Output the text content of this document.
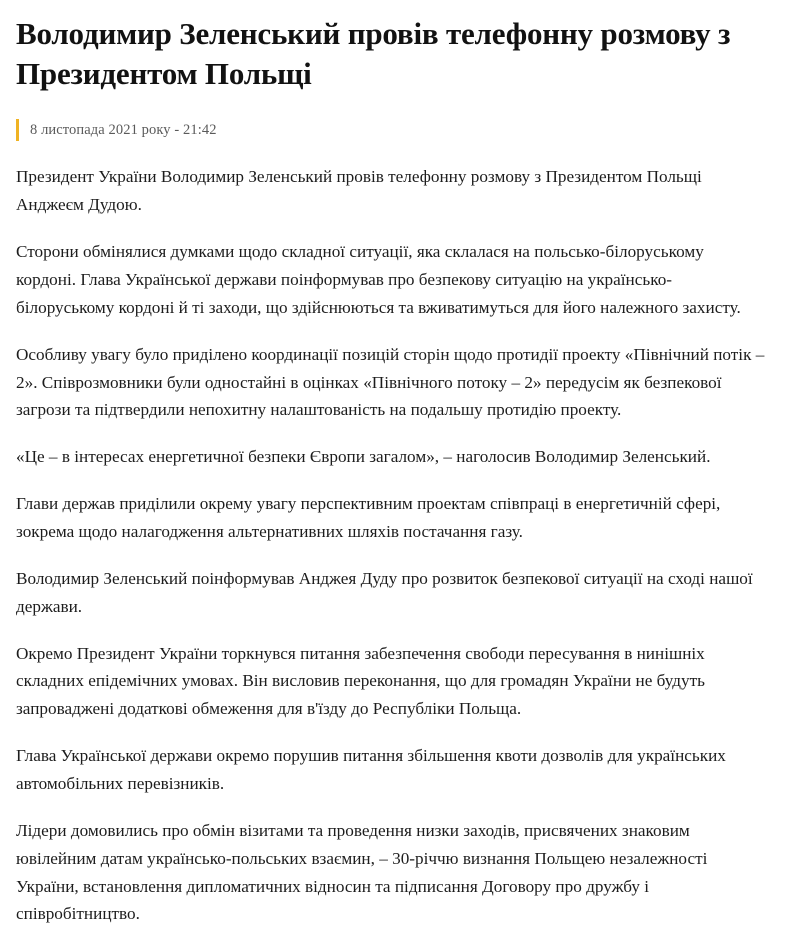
Володимир Зеленський провів телефонну розмову з Президентом Польщі
8 листопада 2021 року - 21:42

Президент України Володимир Зеленський провів телефонну розмову з Президентом Польщі Анджеєм Дудою.

Сторони обмінялися думками щодо складної ситуації, яка склалася на польсько-білоруському кордоні. Глава Української держави поінформував про безпекову ситуацію на українсько-білоруському кордоні й ті заходи, що здійснюються та вживатимуться для його належного захисту.

Особливу увагу було приділено координації позицій сторін щодо протидії проекту «Північний потік – 2». Співрозмовники були одностайні в оцінках «Північного потоку – 2» передусім як безпекової загрози та підтвердили непохитну налаштованість на подальшу протидію проекту.

«Це – в інтересах енергетичної безпеки Європи загалом», – наголосив Володимир Зеленський.

Глави держав приділили окрему увагу перспективним проектам співпраці в енергетичній сфері, зокрема щодо налагодження альтернативних шляхів постачання газу.

Володимир Зеленський поінформував Анджея Дуду про розвиток безпекової ситуації на сході нашої держави.

Окремо Президент України торкнувся питання забезпечення свободи пересування в нинішніх складних епідемічних умовах. Він висловив переконання, що для громадян України не будуть запроваджені додаткові обмеження для в'їзду до Республіки Польща.

Глава Української держави окремо порушив питання збільшення квоти дозволів для українських автомобільних перевізників.

Лідери домовились про обмін візитами та проведення низки заходів, присвячених знаковим ювілейним датам українсько-польських взаємин, – 30-річчю визнання Польщею незалежності України, встановлення дипломатичних відносин та підписання Договору про дружбу і співробітництво.
